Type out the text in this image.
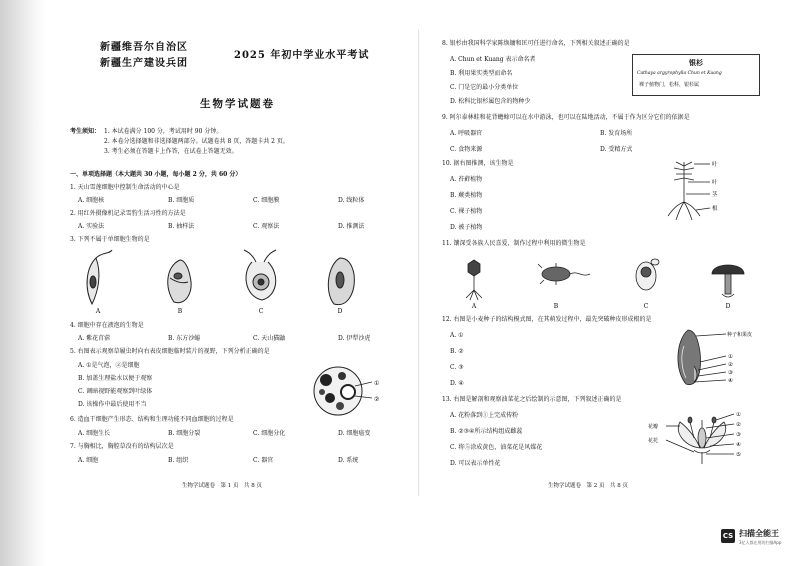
新疆维吾尔自治区
新疆生产建设兵团
2025 年初中学业水平考试
生物学试题卷
考生须知： 1. 本试卷满分 100 分，考试用时 90 分钟。
2. 本卷分选择题和非选择题两部分。试题卷共 8 页，答题卡共 2 页。
3. 考生必须在答题卡上作答，在试卷上答题无效。
一、单项选择题（本大题共 30 小题，每小题 2 分，共 60 分）
1. 天山雪莲细胞中控制生命活动的中心是
A. 细胞核	B. 细胞质	C. 细胞膜	D. 线粒体
2. 用红外摄像机记录雪豹生活习性的方法是
A. 实验法	B. 抽样法	C. 观察法	D. 推测法
3. 下列不属于单细胞生物的是
A	B	C	D
4. 细胞中存在液泡的生物是
A. 紫花苜蓿	B. 东方沙蝽	C. 天山猫鼬	D. 伊犁沙虎
5. 右图表示观察草履虫时向右表皮细胞临时装片的视野，下列分析正确的是
A. ①是气泡，②是细胞
B. 加盖生理盐水以便于观察
C. 调暗视野能观察到叶绿体
D. 该操作中最后使用不当
①
②
6. 造血干细胞产生形态、结构和生理功能不同血细胞的过程是
A. 细胞生长	B. 细胞分裂	C. 细胞分化	D. 细胞癌变
7. 与胸相比，胸腔草没有的结构层次是
A. 细胞	B. 组织	C. 器官	D. 系统
生物学试题卷　第 1 页　共 8 页
8. 银杉由我国科学家陈焕镛和匡可任进行命名，下列相关叙述正确的是
A. Chun et Kuang 表示命名者
B. 利用果实类型而命名
C. 门是它的最小分类单位
D. 松科比银杉属包含的物种少
银杉
Cathaya argyrophylla Chun et Kuang
裸子植物门，松科，银杉属
9. 阿尔泰林蛙和花背蟾蜍可以在水中游泳，也可以在陆地活动，不属于作为区分它们的依据是
A. 呼吸器官	B. 发育场所
C. 食物来源	D. 受精方式
10. 据右图推测，该生物是
A. 苔藓植物
B. 蕨类植物
C. 裸子植物
D. 被子植物
叶
叶
茎
根
11. 馕深受各族人民喜爱，制作过程中利用的微生物是
A	B	C	D
12. 右图是小麦种子的结构模式图，在其萌发过程中，最先突破种皮形成根的是
A. ①
B. ②
C. ③
D. ④
种子和果皮
①
②
③
④
13. 右图是解剖和观察油菜花之后绘制的示意图，下列叙述正确的是
A. 花粉落到①上完成传粉
B. ②③④所示结构组成雌蕊
C. 将⑤涂成黄色，油菜花是风媒花
D. 可以表示单性花
花瓣
花托
①
②
③
④
⑤
生物学试题卷　第 2 页　共 8 页
CS 扫描全能王
3亿人都在用的扫描App
